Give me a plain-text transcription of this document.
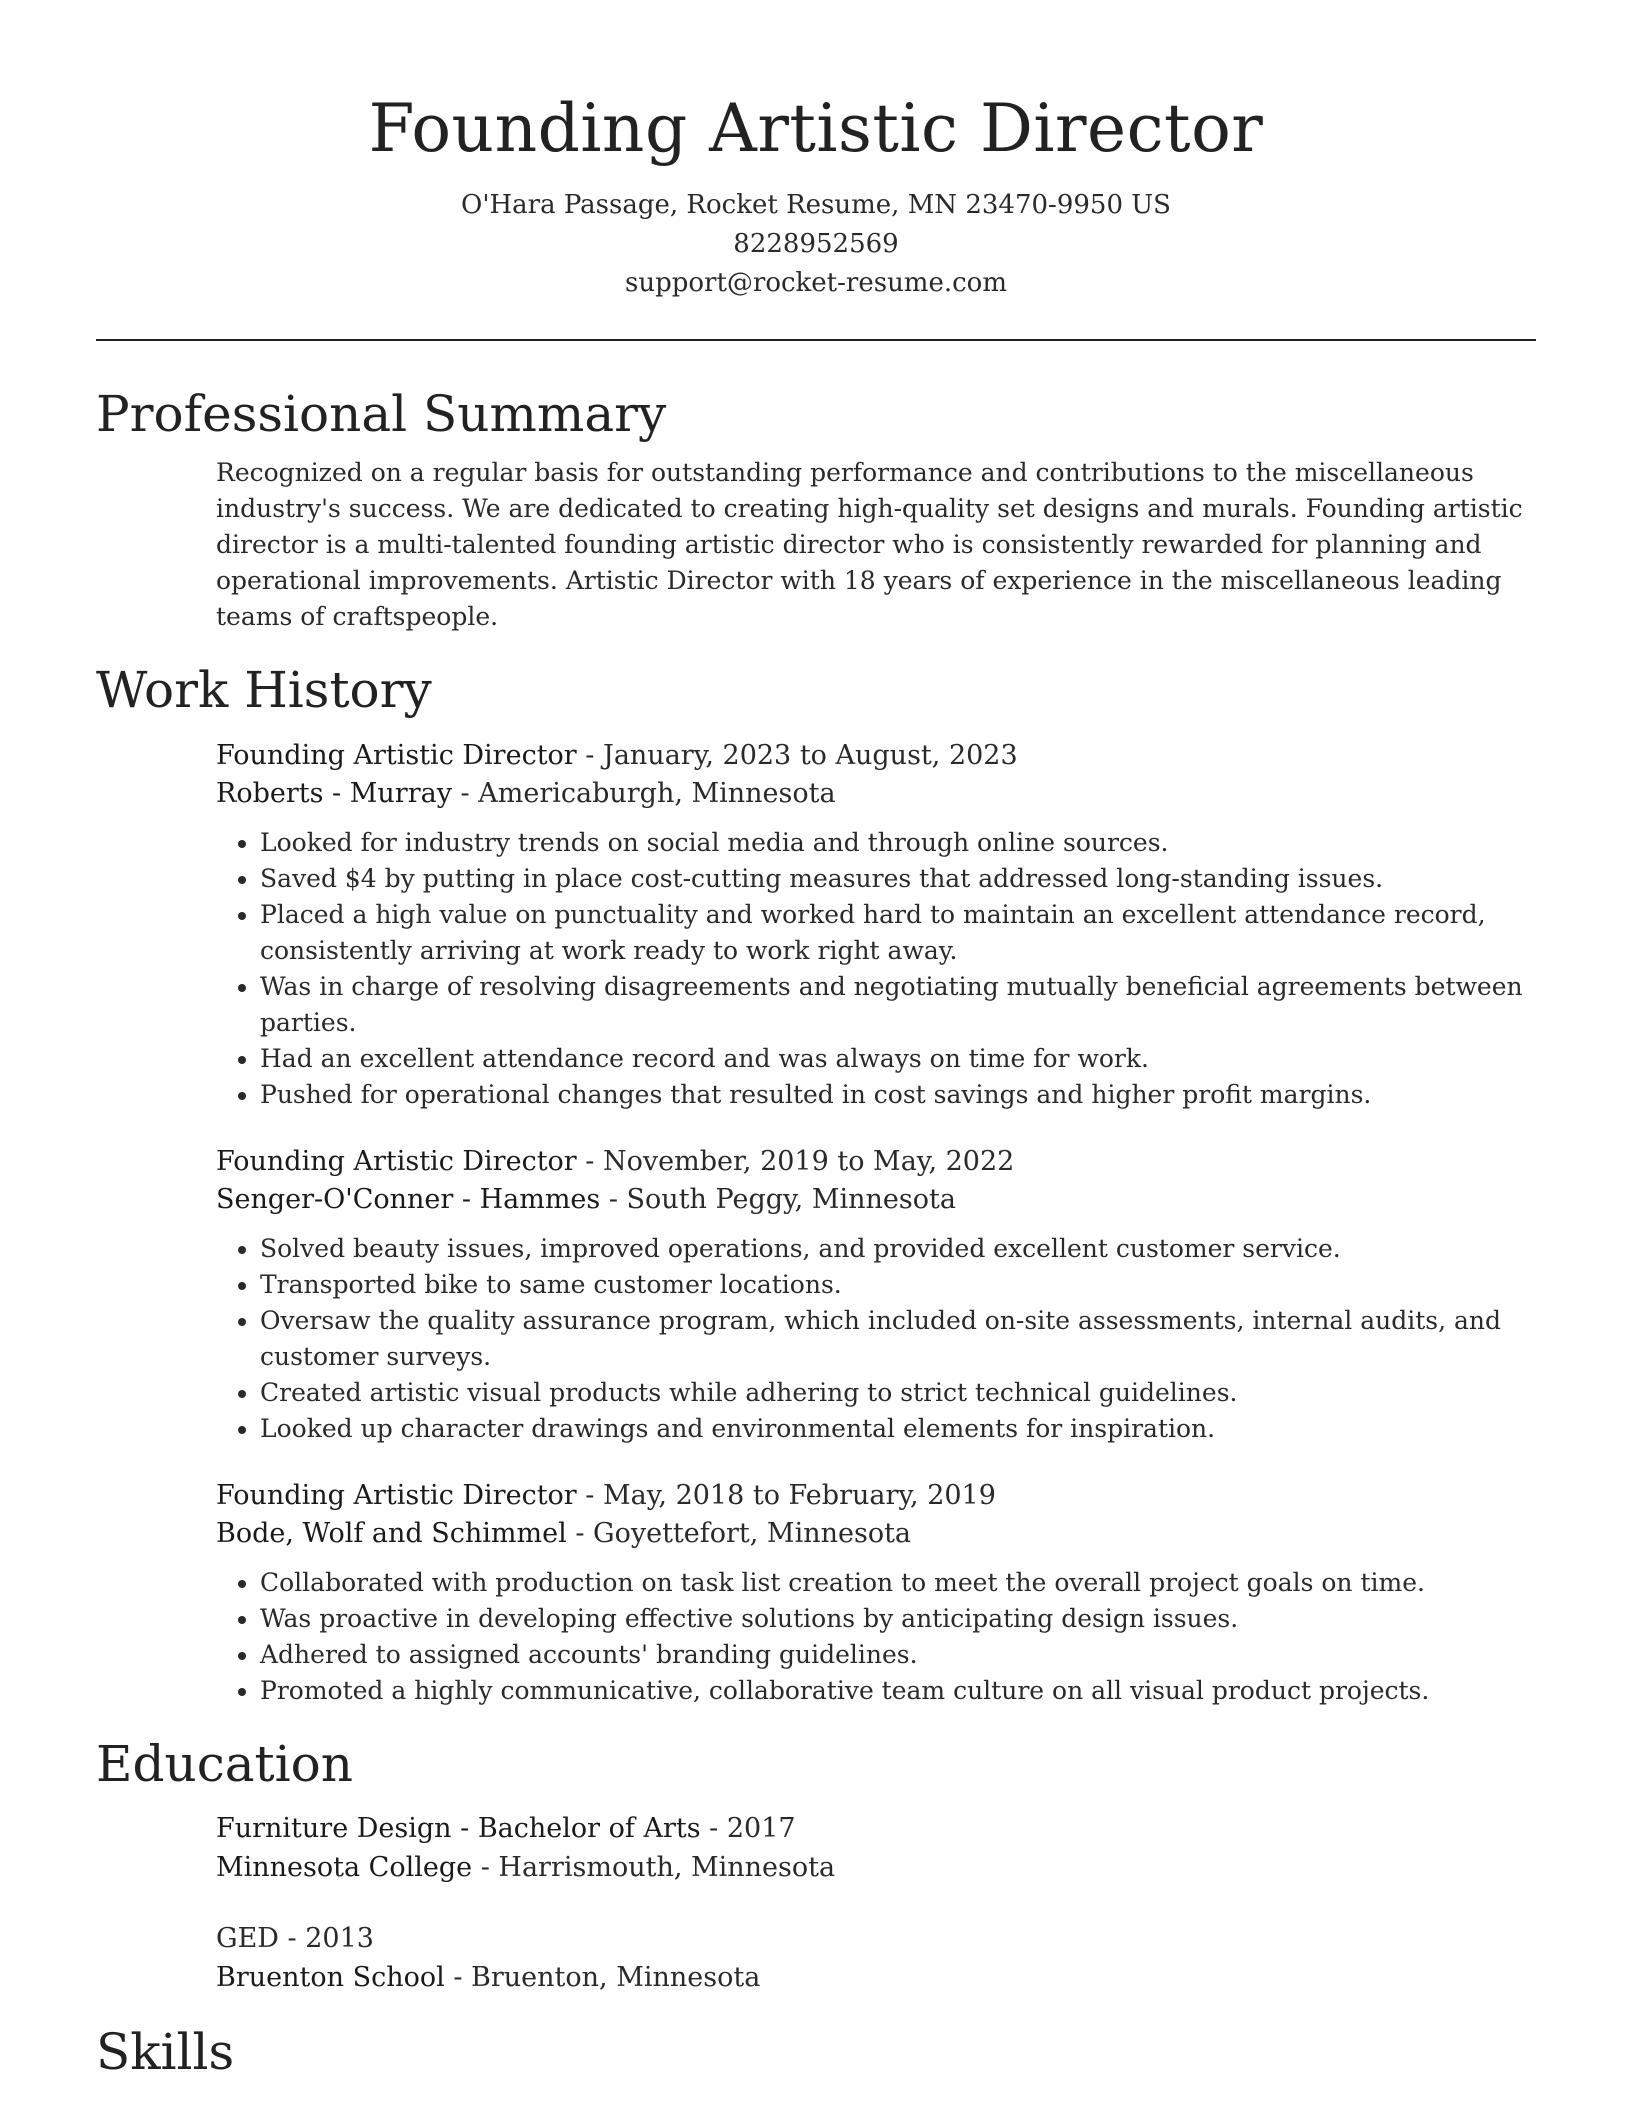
Founding Artistic Director
O'Hara Passage, Rocket Resume, MN 23470-9950 US
8228952569
support@rocket-resume.com
Professional Summary
Recognized on a regular basis for outstanding performance and contributions to the miscellaneous industry's success. We are dedicated to creating high-quality set designs and murals. Founding artistic director is a multi-talented founding artistic director who is consistently rewarded for planning and operational improvements. Artistic Director with 18 years of experience in the miscellaneous leading teams of craftspeople.
Work History
Founding Artistic Director - January, 2023 to August, 2023
Roberts - Murray - Americaburgh, Minnesota
• Looked for industry trends on social media and through online sources.
• Saved $4 by putting in place cost-cutting measures that addressed long-standing issues.
• Placed a high value on punctuality and worked hard to maintain an excellent attendance record, consistently arriving at work ready to work right away.
• Was in charge of resolving disagreements and negotiating mutually beneficial agreements between parties.
• Had an excellent attendance record and was always on time for work.
• Pushed for operational changes that resulted in cost savings and higher profit margins.
Founding Artistic Director - November, 2019 to May, 2022
Senger-O'Conner - Hammes - South Peggy, Minnesota
• Solved beauty issues, improved operations, and provided excellent customer service.
• Transported bike to same customer locations.
• Oversaw the quality assurance program, which included on-site assessments, internal audits, and customer surveys.
• Created artistic visual products while adhering to strict technical guidelines.
• Looked up character drawings and environmental elements for inspiration.
Founding Artistic Director - May, 2018 to February, 2019
Bode, Wolf and Schimmel - Goyettefort, Minnesota
• Collaborated with production on task list creation to meet the overall project goals on time.
• Was proactive in developing effective solutions by anticipating design issues.
• Adhered to assigned accounts' branding guidelines.
• Promoted a highly communicative, collaborative team culture on all visual product projects.
Education
Furniture Design - Bachelor of Arts - 2017
Minnesota College - Harrismouth, Minnesota
GED - 2013
Bruenton School - Bruenton, Minnesota
Skills
